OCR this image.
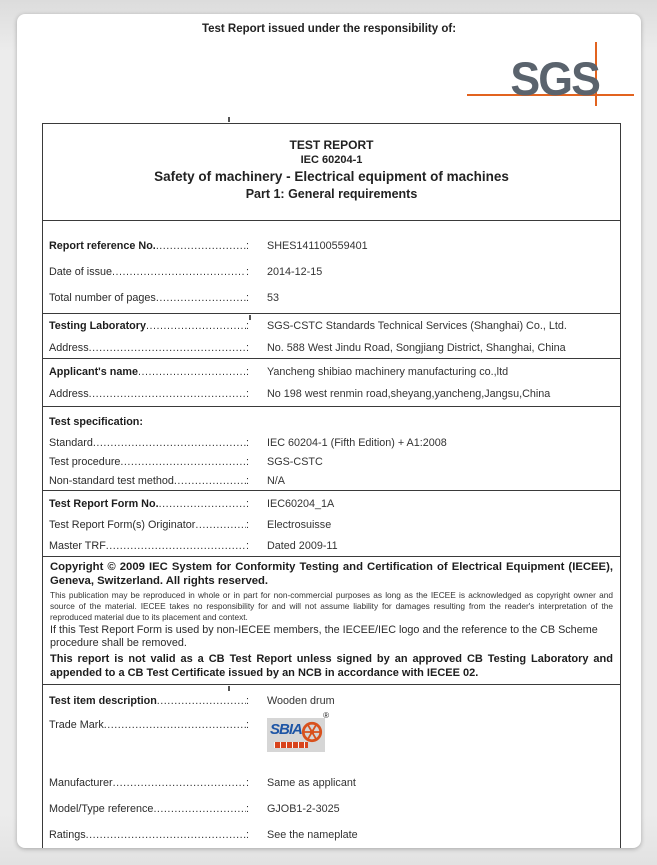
Test Report issued under the responsibility of:
SGS
TEST REPORT
IEC 60204-1
Safety of machinery - Electrical equipment of machines
Part 1: General requirements
Report reference No. ..... :	SHES141100559401
Date of issue ..... :	2014-12-15
Total number of pages ..... :	53
Testing Laboratory ..... :	SGS-CSTC Standards Technical Services (Shanghai) Co., Ltd.
Address ..... :	No. 588 West Jindu Road, Songjiang District, Shanghai, China
Applicant's name ..... :	Yancheng shibiao machinery manufacturing co.,ltd
Address ..... :	No 198 west renmin road,sheyang,yancheng,Jangsu,China
Test specification:
Standard ..... :	IEC 60204-1 (Fifth Edition) + A1:2008
Test procedure ..... :	SGS-CSTC
Non-standard test method ..... :	N/A
Test Report Form No. ..... :	IEC60204_1A
Test Report Form(s) Originator ..... :	Electrosuisse
Master TRF ..... :	Dated 2009-11
Copyright © 2009 IEC System for Conformity Testing and Certification of Electrical Equipment (IECEE), Geneva, Switzerland. All rights reserved.
This publication may be reproduced in whole or in part for non-commercial purposes as long as the IECEE is acknowledged as copyright owner and source of the material. IECEE takes no responsibility for and will not assume liability for damages resulting from the reader's interpretation of the reproduced material due to its placement and context.
If this Test Report Form is used by non-IECEE members, the IECEE/IEC logo and the reference to the CB Scheme procedure shall be removed.
This report is not valid as a CB Test Report unless signed by an approved CB Testing Laboratory and appended to a CB Test Certificate issued by an NCB in accordance with IECEE 02.
Test item description ..... :	Wooden drum
Trade Mark ..... :	SBIA
®
Manufacturer ..... :	Same as applicant
Model/Type reference ..... :	GJOB1-2-3025
Ratings ..... :	See the nameplate
